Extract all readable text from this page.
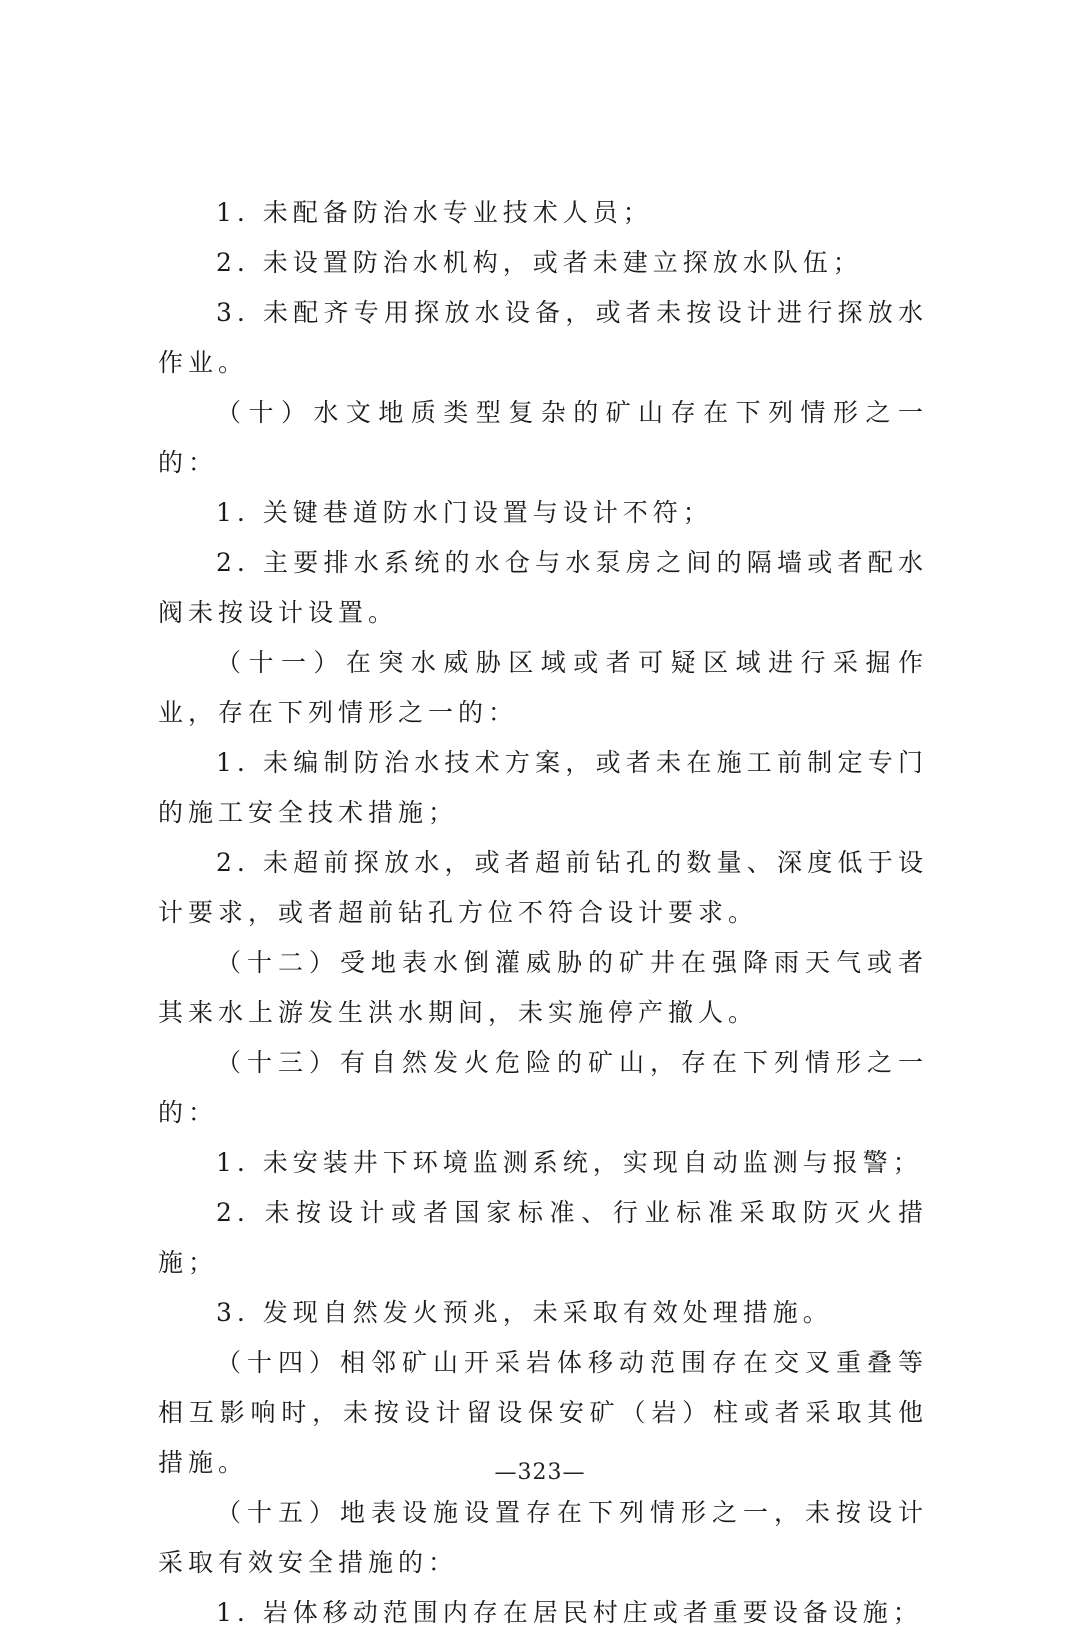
1. 未配备防治水专业技术人员；

2. 未设置防治水机构，或者未建立探放水队伍；

3. 未配齐专用探放水设备，或者未按设计进行探放水作业。

（十）水文地质类型复杂的矿山存在下列情形之一的：

1. 关键巷道防水门设置与设计不符；

2. 主要排水系统的水仓与水泵房之间的隔墙或者配水阀未按设计设置。

（十一）在突水威胁区域或者可疑区域进行采掘作业，存在下列情形之一的：

1. 未编制防治水技术方案，或者未在施工前制定专门的施工安全技术措施；

2. 未超前探放水，或者超前钻孔的数量、深度低于设计要求，或者超前钻孔方位不符合设计要求。

（十二）受地表水倒灌威胁的矿井在强降雨天气或者其来水上游发生洪水期间，未实施停产撤人。

（十三）有自然发火危险的矿山，存在下列情形之一的：

1. 未安装井下环境监测系统，实现自动监测与报警；

2. 未按设计或者国家标准、行业标准采取防灭火措施；

3. 发现自然发火预兆，未采取有效处理措施。

（十四）相邻矿山开采岩体移动范围存在交叉重叠等相互影响时，未按设计留设保安矿（岩）柱或者采取其他措施。

（十五）地表设施设置存在下列情形之一，未按设计采取有效安全措施的：

1. 岩体移动范围内存在居民村庄或者重要设备设施；

—323—
